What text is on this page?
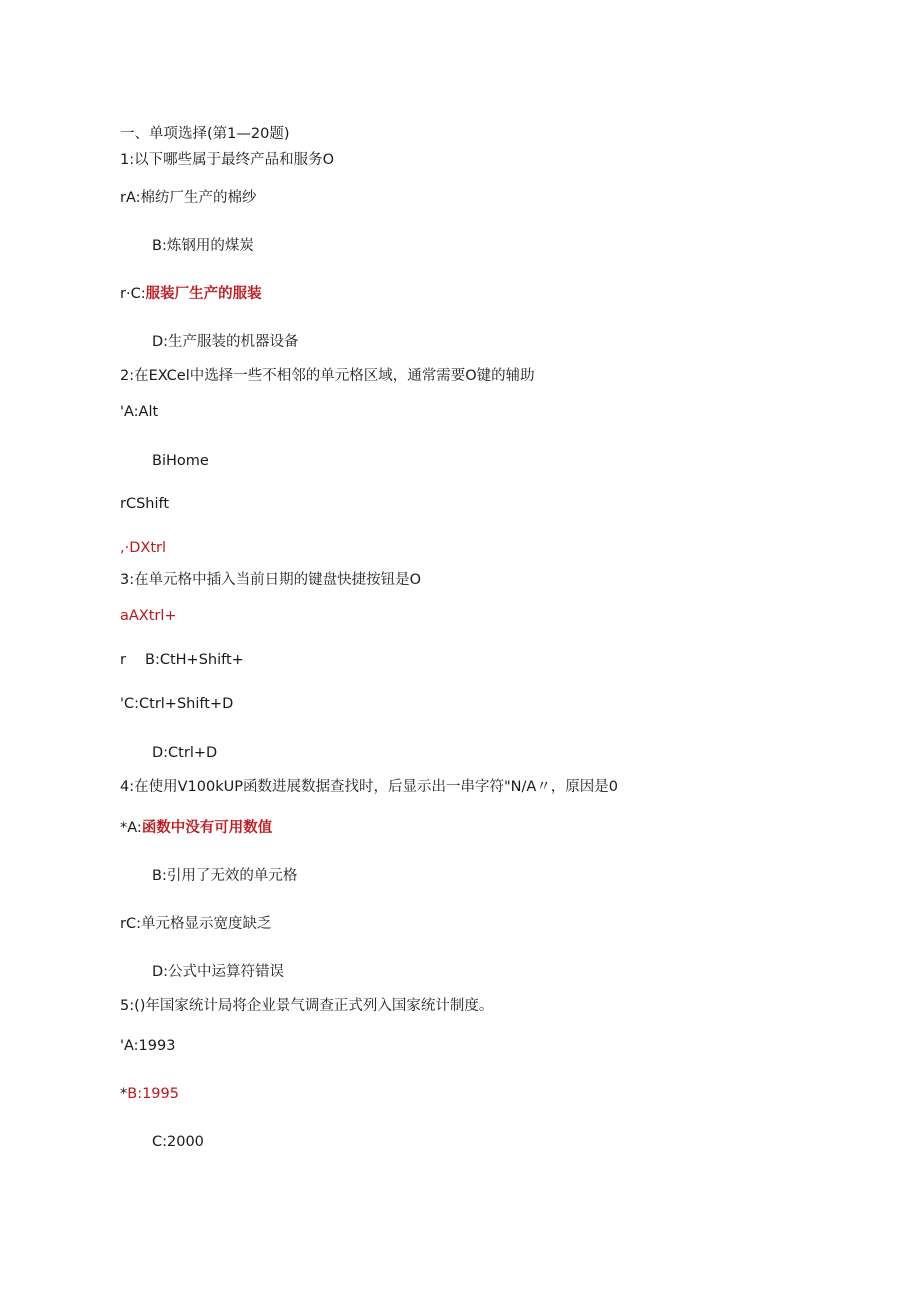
一、单项选择(第1—20题)
1:以下哪些属于最终产品和服务O
rA:棉纺厂生产的棉纱
B:炼钢用的煤炭
r·C:服装厂生产的服装
D:生产服装的机器设备
2:在EXCel中选择一些不相邻的单元格区域，通常需要O键的辅助
'A:Alt
BiHome
rCShift
,·DXtrl
3:在单元格中插入当前日期的键盘快捷按钮是O
aAXtrl+
r B:CtH+Shift+
'C:Ctrl+Shift+D
D:Ctrl+D
4:在使用V100kUP函数进展数据查找时，后显示出一串字符"N/A〃，原因是0
*A:函数中没有可用数值
B:引用了无效的单元格
rC:单元格显示宽度缺乏
D:公式中运算符错误
5:()年国家统计局将企业景气调查正式列入国家统计制度。
'A:1993
*B:1995
C:2000
